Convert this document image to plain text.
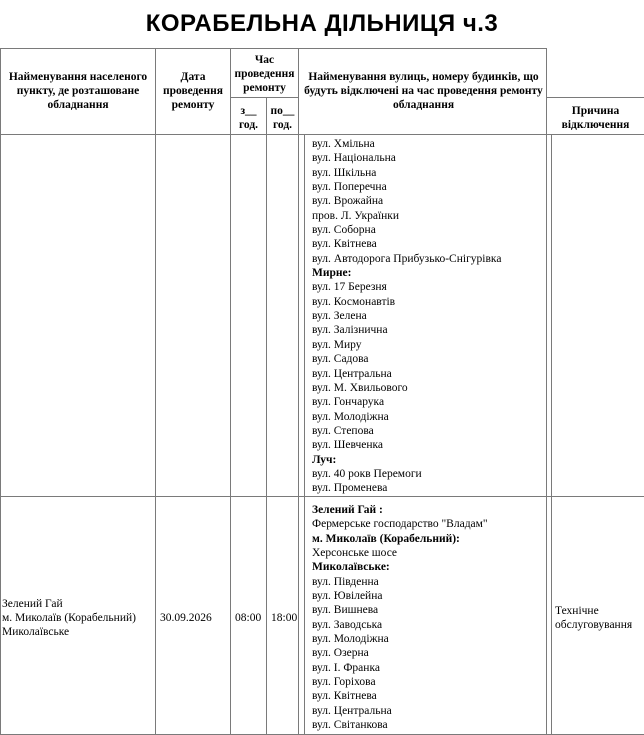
КОРАБЕЛЬНА ДІЛЬНИЦЯ ч.3
Найменування населеного пункту, де розташоване обладнання
Дата проведення ремонту
Час проведення ремонту
з__ год.
по__ год.
Найменування вулиць, номеру будинків, що будуть відключені на час проведення ремонту обладнання	Причина відключення
вул. Хмільна
вул. Національна
вул. Шкільна
вул. Поперечна
вул. Врожайна
пров. Л. Українки
вул. Соборна
вул. Квітнева
вул. Автодорога Прибузько-Снігурівка
Мирне:
вул. 17 Березня
вул. Космонавтів
вул. Зелена
вул. Залізнична
вул. Миру
вул. Садова
вул. Центральна
вул. М. Хвильового
вул. Гончарука
вул. Молодіжна
вул. Степова
вул. Шевченка
Луч:
вул. 40 рокв Перемоги
вул. Променева
Зелений Гай
м. Миколаїв (Корабельний)
Миколаївське
30.09.2026 08:00 18:00
Технічне обслуговування
Зелений Гай :
Фермерське господарство "Владам"
м. Миколаїв (Корабельний):
Херсонське шосе
Миколаївське:
вул. Південна
вул. Ювілейна
вул. Вишнева
вул. Заводська
вул. Молодіжна
вул. Озерна
вул. І. Франка
вул. Горіхова
вул. Квітнева
вул. Центральна
вул. Світанкова
